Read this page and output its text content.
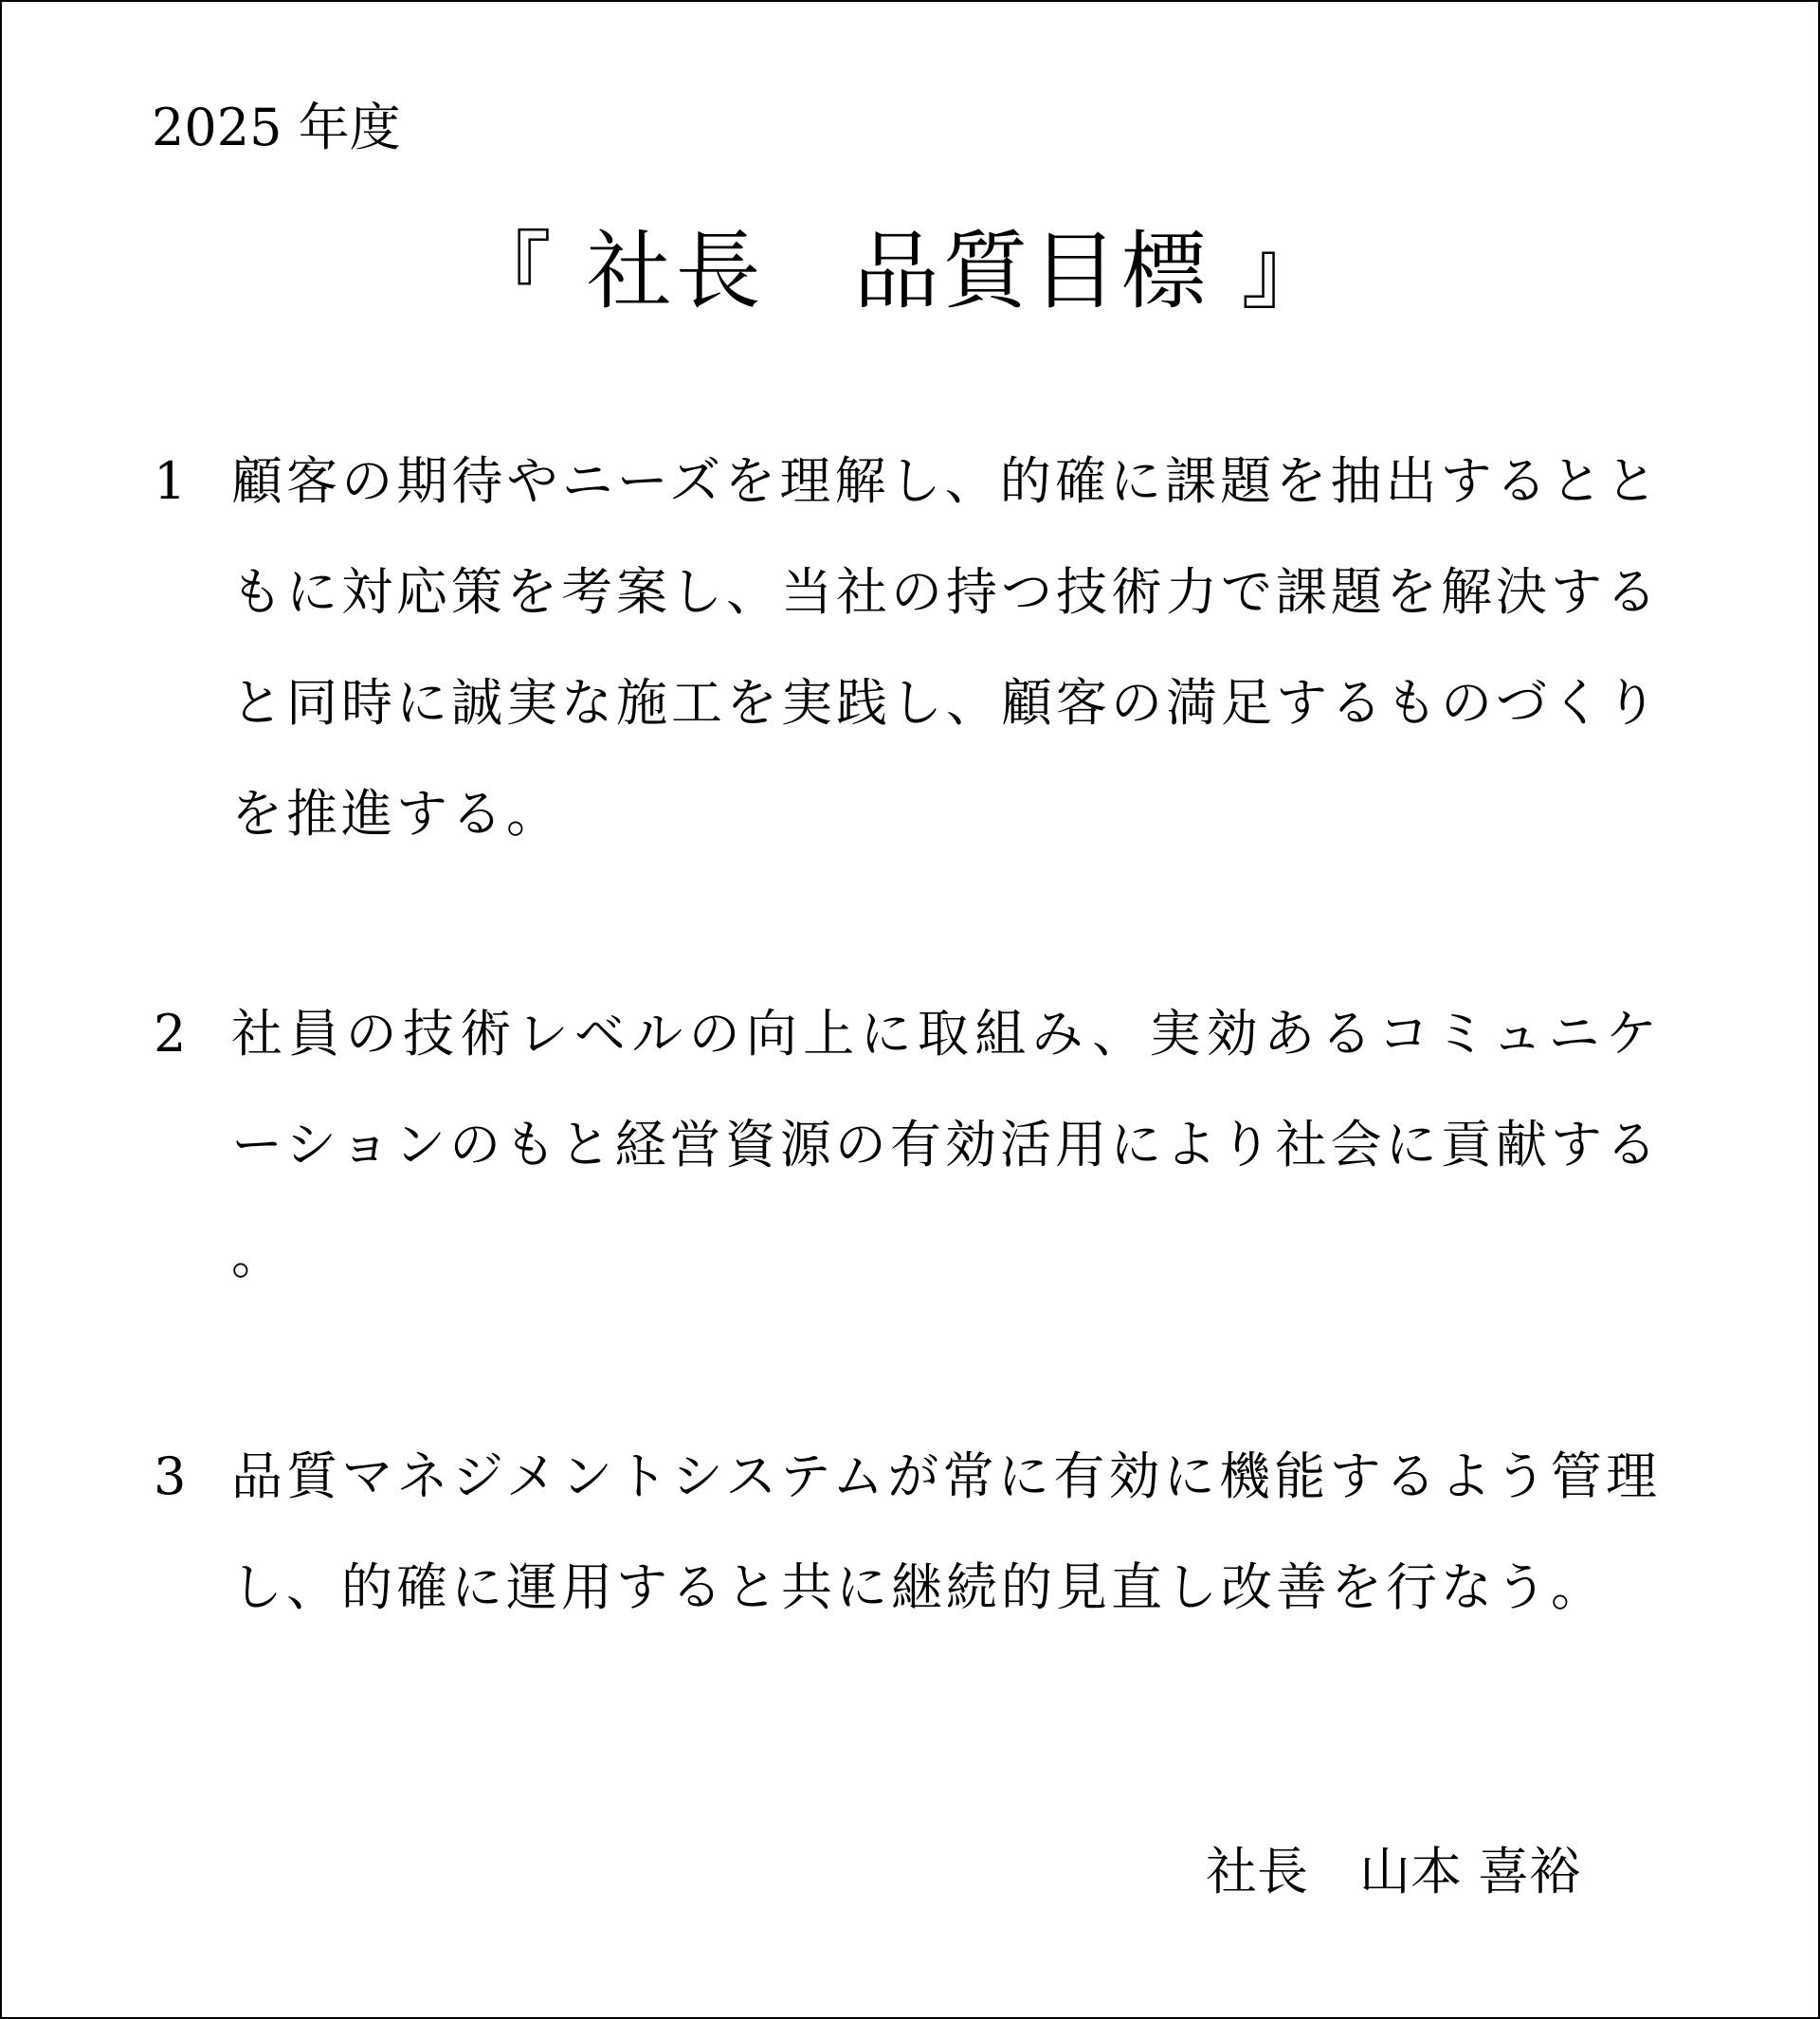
2025 年度
『 社長　品質目標 』
1 顧客の期待やニーズを理解し、的確に課題を抽出するとともに対応策を考案し、当社の持つ技術力で課題を解決すると同時に誠実な施工を実践し、顧客の満足するものづくりを推進する。

2 社員の技術レベルの向上に取組み、実効あるコミュニケーションのもと経営資源の有効活用により社会に貢献する。

3 品質マネジメントシステムが常に有効に機能するよう管理し、的確に運用すると共に継続的見直し改善を行なう。

社長　山本 喜裕
